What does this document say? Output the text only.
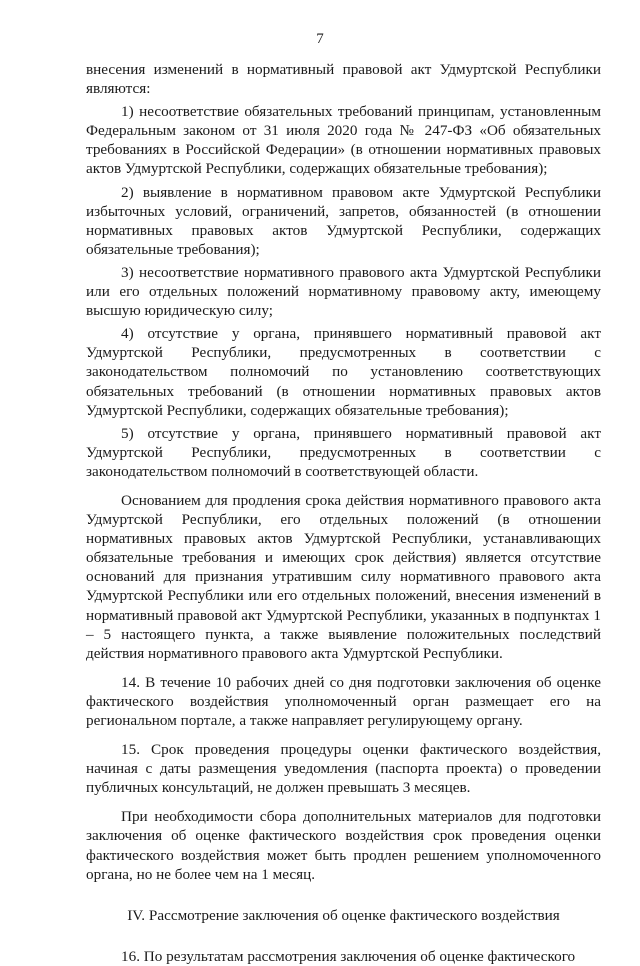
7

внесения изменений в нормативный правовой акт Удмуртской Республики являются:

1) несоответствие обязательных требований принципам, установленным Федеральным законом от 31 июля 2020 года № 247-ФЗ «Об обязательных требованиях в Российской Федерации» (в отношении нормативных правовых актов Удмуртской Республики, содержащих обязательные требования);

2) выявление в нормативном правовом акте Удмуртской Республики избыточных условий, ограничений, запретов, обязанностей (в отношении нормативных правовых актов Удмуртской Республики, содержащих обязательные требования);

3) несоответствие нормативного правового акта Удмуртской Республики или его отдельных положений нормативному правовому акту, имеющему высшую юридическую силу;

4) отсутствие у органа, принявшего нормативный правовой акт Удмуртской Республики, предусмотренных в соответствии с законодательством полномочий по установлению соответствующих обязательных требований (в отношении нормативных правовых актов Удмуртской Республики, содержащих обязательные требования);

5) отсутствие у органа, принявшего нормативный правовой акт Удмуртской Республики, предусмотренных в соответствии с законодательством полномочий в соответствующей области.

Основанием для продления срока действия нормативного правового акта Удмуртской Республики, его отдельных положений (в отношении нормативных правовых актов Удмуртской Республики, устанавливающих обязательные требования и имеющих срок действия) является отсутствие оснований для признания утратившим силу нормативного правового акта Удмуртской Республики или его отдельных положений, внесения изменений в нормативный правовой акт Удмуртской Республики, указанных в подпунктах 1 – 5 настоящего пункта, а также выявление положительных последствий действия нормативного правового акта Удмуртской Республики.

14. В течение 10 рабочих дней со дня подготовки заключения об оценке фактического воздействия уполномоченный орган размещает его на региональном портале, а также направляет регулирующему органу.

15. Срок проведения процедуры оценки фактического воздействия, начиная с даты размещения уведомления (паспорта проекта) о проведении публичных консультаций, не должен превышать 3 месяцев.

При необходимости сбора дополнительных материалов для подготовки заключения об оценке фактического воздействия срок проведения оценки фактического воздействия может быть продлен решением уполномоченного органа, но не более чем на 1 месяц.

IV. Рассмотрение заключения об оценке фактического воздействия

16. По результатам рассмотрения заключения об оценке фактического
